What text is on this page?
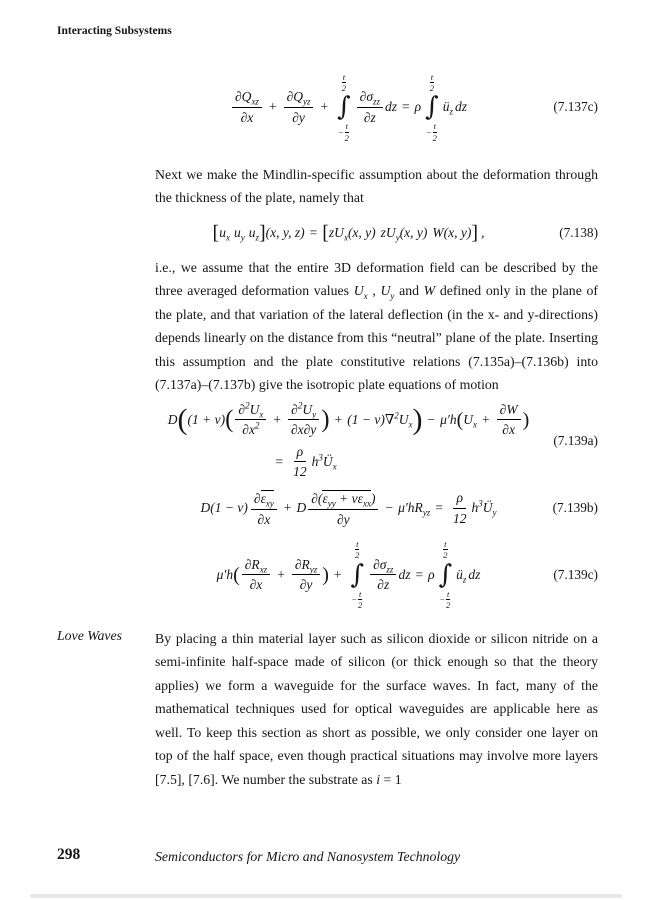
Interacting Subsystems
$\frac{\partial Q_{xz}}{\partial x} + \frac{\partial Q_{yz}}{\partial y}$ +
t
2
∫
− $\frac{t}{2}$
$\frac{\partial\sigma_{zz}}{\partial z}$ dz = ρ
t
2
∫
− $\frac{t}{2}$
$ü_z$ dz	(7.137c)

Next we make the Mindlin-specific assumption about the deformation through the thickness of the plate, namely that

[ $u_x$ $u_y$ $u_z$ ] (x, y, z) = [ $zU_x(x$, y) $zU_y(x$, y) W(x, y) ] ,	(7.138)

i.e., we assume that the entire 3D deformation field can be described by the three averaged deformation values $U_x$ , $U_y$ and W defined only in the plane of the plate, and that variation of the lateral deflection (in the x- and y-directions) depends linearly on the distance from this “neutral” plane of the plate. Inserting this assumption and the plate constitutive relations (7.135a)–(7.136b) into (7.137a)–(7.137b) give the isotropic plate equations of motion

D ( (1 + ν) ( $\frac{\partial^2U_x}{\partial x^2} + \frac{\partial^2U_y}{\partial x\partial y}$ ) + (1 − ν) $\nabla^2U_x$ ) − μ′h ( $U_x + \frac{\partial W}{\partial x}$ )
= $\frac{\rho}{12}$ $h^3Ü_x$
(7.139a)
$D(1 - \nu) \frac{\partial\varepsilon_{xy}}{\partial x} + D \frac{\partial(\varepsilon_{yy} + \nu\varepsilon_{xx})}{\partial y} - \mu'hR_{yz} = \frac{\rho}{12}$ $h^3Ü_y$	(7.139b)
μ′h ( $\frac{\partial R_{xz}}{\partial x} + \frac{\partial R_{yz}}{\partial y}$ ) +
t
2
∫
− $\frac{t}{2}$
$\frac{\partial\sigma_{zz}}{\partial z}$ dz = ρ
t
2
∫
− $\frac{t}{2}$
$ü_z$ dz	(7.139c)
Love Waves By placing a thin material layer such as silicon dioxide or silicon nitride on a semi-infinite half-space made of silicon (or thick enough so that the theory applies) we form a waveguide for the surface waves. In fact, many of the mathematical techniques used for optical waveguides are applicable here as well. To keep this section as short as possible, we only consider one layer on top of the half space, even though practical situations may involve more layers [7.5], [7.6]. We number the substrate as i = 1

298	Semiconductors for Micro and Nanosystem Technology
